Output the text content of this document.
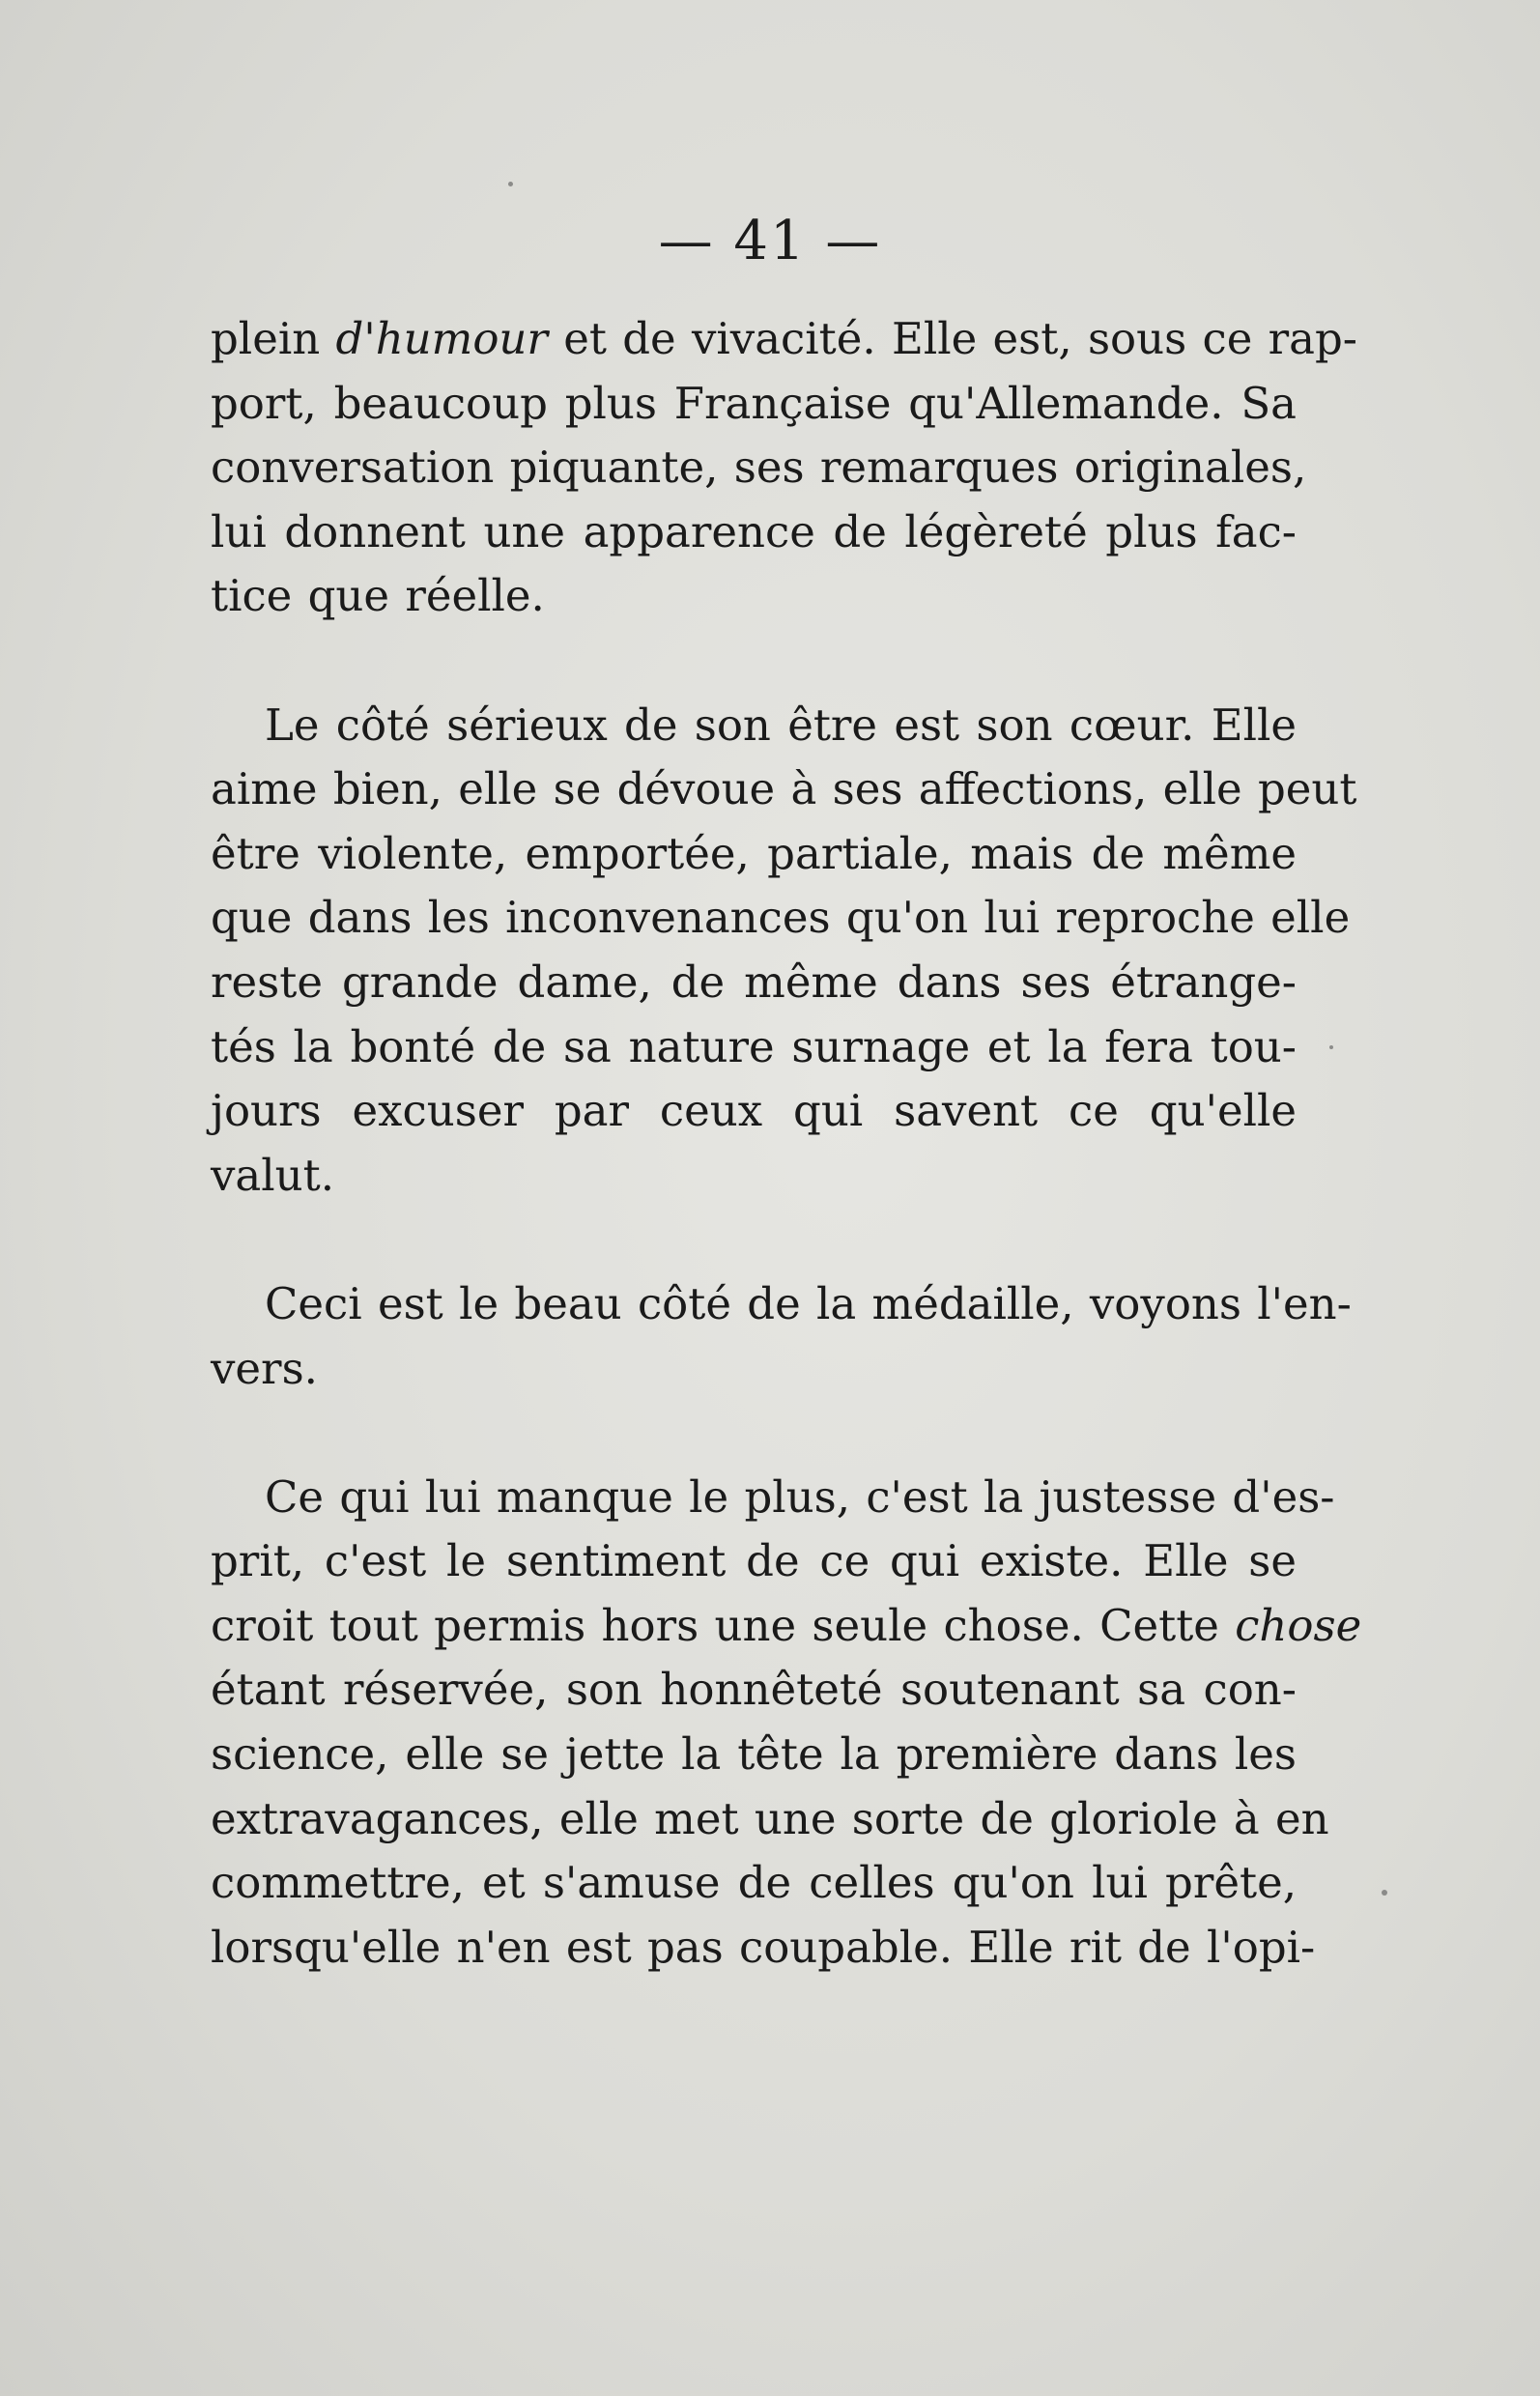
— 41 —
plein d'humour et de vivacité. Elle est, sous ce rap-
port, beaucoup plus Française qu'Allemande. Sa
conversation piquante, ses remarques originales,
lui donnent une apparence de légèreté plus fac-
tice que réelle.
Le côté sérieux de son être est son cœur. Elle
aime bien, elle se dévoue à ses affections, elle peut
être violente, emportée, partiale, mais de même
que dans les inconvenances qu'on lui reproche elle
reste grande dame, de même dans ses étrange-
tés la bonté de sa nature surnage et la fera tou-
jours excuser par ceux qui savent ce qu'elle
valut.
Ceci est le beau côté de la médaille, voyons l'en-
vers.
Ce qui lui manque le plus, c'est la justesse d'es-
prit, c'est le sentiment de ce qui existe. Elle se
croit tout permis hors une seule chose. Cette chose
étant réservée, son honnêteté soutenant sa con-
science, elle se jette la tête la première dans les
extravagances, elle met une sorte de gloriole à en
commettre, et s'amuse de celles qu'on lui prête,
lorsqu'elle n'en est pas coupable. Elle rit de l'opi-
